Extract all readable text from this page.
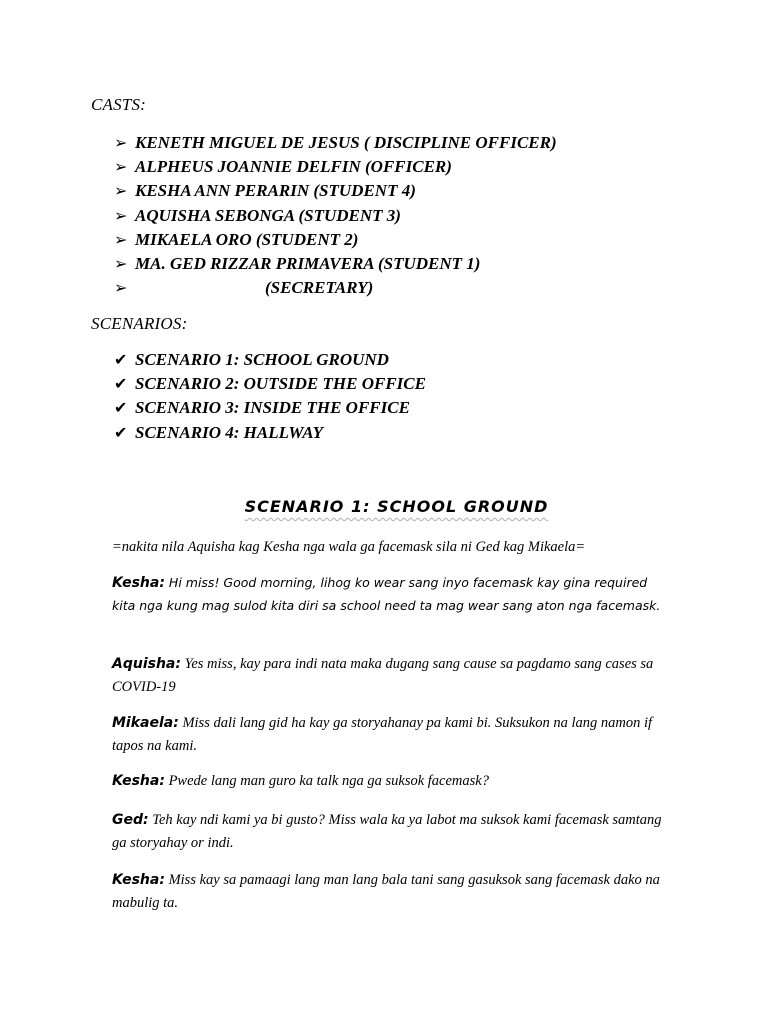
CASTS:
➢ KENETH MIGUEL DE JESUS ( DISCIPLINE OFFICER)
➢ ALPHEUS JOANNIE DELFIN (OFFICER)
➢ KESHA ANN PERARIN (STUDENT 4)
➢ AQUISHA SEBONGA (STUDENT 3)
➢ MIKAELA ORO (STUDENT 2)
➢ MA. GED RIZZAR PRIMAVERA (STUDENT 1)
➢	(SECRETARY)
SCENARIOS:
✔ SCENARIO 1: SCHOOL GROUND
✔ SCENARIO 2: OUTSIDE THE OFFICE
✔ SCENARIO 3: INSIDE THE OFFICE
✔ SCENARIO 4: HALLWAY
SCENARIO 1: SCHOOL GROUND

=nakita nila Aquisha kag Kesha nga wala ga facemask sila ni Ged kag Mikaela=

Kesha: Hi miss! Good morning, lihog ko wear sang inyo facemask kay gina required kita nga kung mag sulod kita diri sa school need ta mag wear sang aton nga facemask.

Aquisha: Yes miss, kay para indi nata maka dugang sang cause sa pagdamo sang cases sa COVID-19

Mikaela: Miss dali lang gid ha kay ga storyahanay pa kami bi. Suksukon na lang namon if tapos na kami.

Kesha: Pwede lang man guro ka talk nga ga suksok facemask?

Ged: Teh kay ndi kami ya bi gusto? Miss wala ka ya labot ma suksok kami facemask samtang ga storyahay or indi.

Kesha: Miss kay sa pamaagi lang man lang bala tani sang gasuksok sang facemask dako na mabulig ta.
